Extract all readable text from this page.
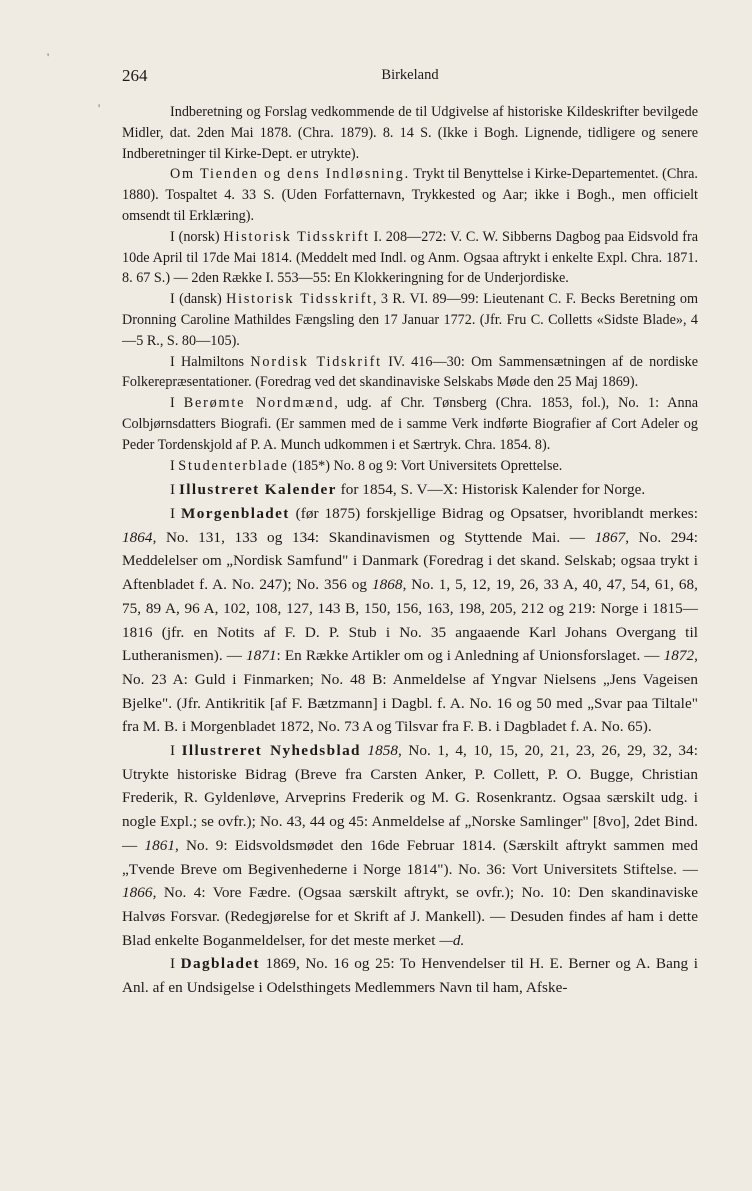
'
'
264	Birkeland

Indberetning og Forslag vedkommende de til Udgivelse af historiske Kildeskrifter bevilgede Midler, dat. 2den Mai 1878. (Chra. 1879). 8. 14 S. (Ikke i Bogh. Lignende, tidligere og senere Indberetninger til Kirke-Dept. er utrykte).

Om Tienden og dens Indløsning. Trykt til Benyttelse i Kirke-Departementet. (Chra. 1880). Tospaltet 4. 33 S. (Uden Forfatternavn, Trykkested og Aar; ikke i Bogh., men officielt omsendt til Erklæring).

I (norsk) Historisk Tidsskrift I. 208—272: V. C. W. Sibberns Dagbog paa Eidsvold fra 10de April til 17de Mai 1814. (Meddelt med Indl. og Anm. Ogsaa aftrykt i enkelte Expl. Chra. 1871. 8. 67 S.) — 2den Række I. 553—55: En Klokkeringning for de Underjordiske.

I (dansk) Historisk Tidsskrift, 3 R. VI. 89—99: Lieutenant C. F. Becks Beretning om Dronning Caroline Mathildes Fængsling den 17 Januar 1772. (Jfr. Fru C. Colletts «Sidste Blade», 4—5 R., S. 80—105).

I Halmiltons Nordisk Tidskrift IV. 416—30: Om Sammensætningen af de nordiske Folkerepræsentationer. (Foredrag ved det skandinaviske Selskabs Møde den 25 Maj 1869).

I Berømte Nordmænd, udg. af Chr. Tønsberg (Chra. 1853, fol.), No. 1: Anna Colbjørnsdatters Biografi. (Er sammen med de i samme Verk indførte Biografier af Cort Adeler og Peder Tordenskjold af P. A. Munch udkommen i et Særtryk. Chra. 1854. 8).

I Studenterblade (185*) No. 8 og 9: Vort Universitets Oprettelse.

I Illustreret Kalender for 1854, S. V—X: Historisk Kalender for Norge.

I Morgenbladet (før 1875) forskjellige Bidrag og Opsatser, hvoriblandt merkes: 1864, No. 131, 133 og 134: Skandinavismen og Styttende Mai. — 1867, No. 294: Meddelelser om „Nordisk Samfund" i Danmark (Foredrag i det skand. Selskab; ogsaa trykt i Aftenbladet f. A. No. 247); No. 356 og 1868, No. 1, 5, 12, 19, 26, 33 A, 40, 47, 54, 61, 68, 75, 89 A, 96 A, 102, 108, 127, 143 B, 150, 156, 163, 198, 205, 212 og 219: Norge i 1815—1816 (jfr. en Notits af F. D. P. Stub i No. 35 angaaende Karl Johans Overgang til Lutheranismen). — 1871: En Række Artikler om og i Anledning af Unionsforslaget. — 1872, No. 23 A: Guld i Finmarken; No. 48 B: Anmeldelse af Yngvar Nielsens „Jens Vageisen Bjelke". (Jfr. Antikritik [af F. Bætzmann] i Dagbl. f. A. No. 16 og 50 med „Svar paa Tiltale" fra M. B. i Morgenbladet 1872, No. 73 A og Tilsvar fra F. B. i Dagbladet f. A. No. 65).

I Illustreret Nyhedsblad 1858, No. 1, 4, 10, 15, 20, 21, 23, 26, 29, 32, 34: Utrykte historiske Bidrag (Breve fra Carsten Anker, P. Collett, P. O. Bugge, Christian Frederik, R. Gyldenløve, Arveprins Frederik og M. G. Rosenkrantz. Ogsaa særskilt udg. i nogle Expl.; se ovfr.); No. 43, 44 og 45: Anmeldelse af „Norske Samlinger" [8vo], 2det Bind. — 1861, No. 9: Eidsvoldsmødet den 16de Februar 1814. (Særskilt aftrykt sammen med „Tvende Breve om Begivenhederne i Norge 1814"). No. 36: Vort Universitets Stiftelse. — 1866, No. 4: Vore Fædre. (Ogsaa særskilt aftrykt, se ovfr.); No. 10: Den skandinaviske Halvøs Forsvar. (Redegjørelse for et Skrift af J. Mankell). — Desuden findes af ham i dette Blad enkelte Boganmeldelser, for det meste merket —d.

I Dagbladet 1869, No. 16 og 25: To Henvendelser til H. E. Berner og A. Bang i Anl. af en Undsigelse i Odelsthingets Medlemmers Navn til ham, Afske-
